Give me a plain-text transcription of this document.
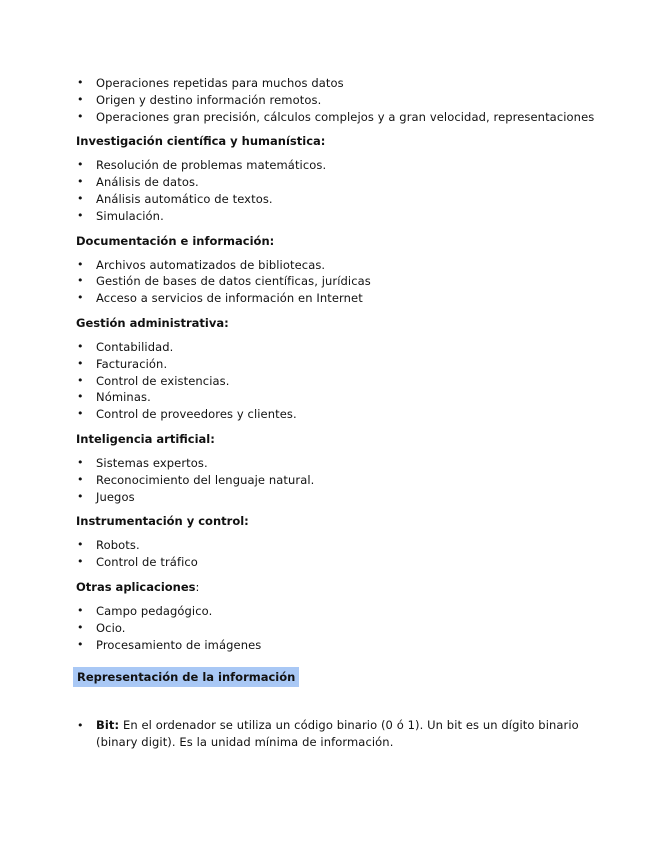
• Operaciones repetidas para muchos datos
• Origen y destino información remotos.
• Operaciones gran precisión, cálculos complejos y a gran velocidad, representaciones
Investigación científica y humanística:
• Resolución de problemas matemáticos.
• Análisis de datos.
• Análisis automático de textos.
• Simulación.
Documentación e información:
• Archivos automatizados de bibliotecas.
• Gestión de bases de datos científicas, jurídicas
• Acceso a servicios de información en Internet
Gestión administrativa:
• Contabilidad.
• Facturación.
• Control de existencias.
• Nóminas.
• Control de proveedores y clientes.
Inteligencia artificial:
• Sistemas expertos.
• Reconocimiento del lenguaje natural.
• Juegos
Instrumentación y control:
• Robots.
• Control de tráfico
Otras aplicaciones:
• Campo pedagógico.
• Ocio.
• Procesamiento de imágenes
Representación de la información
• Bit: En el ordenador se utiliza un código binario (0 ó 1). Un bit es un dígito binario (binary digit). Es la unidad mínima de información.
